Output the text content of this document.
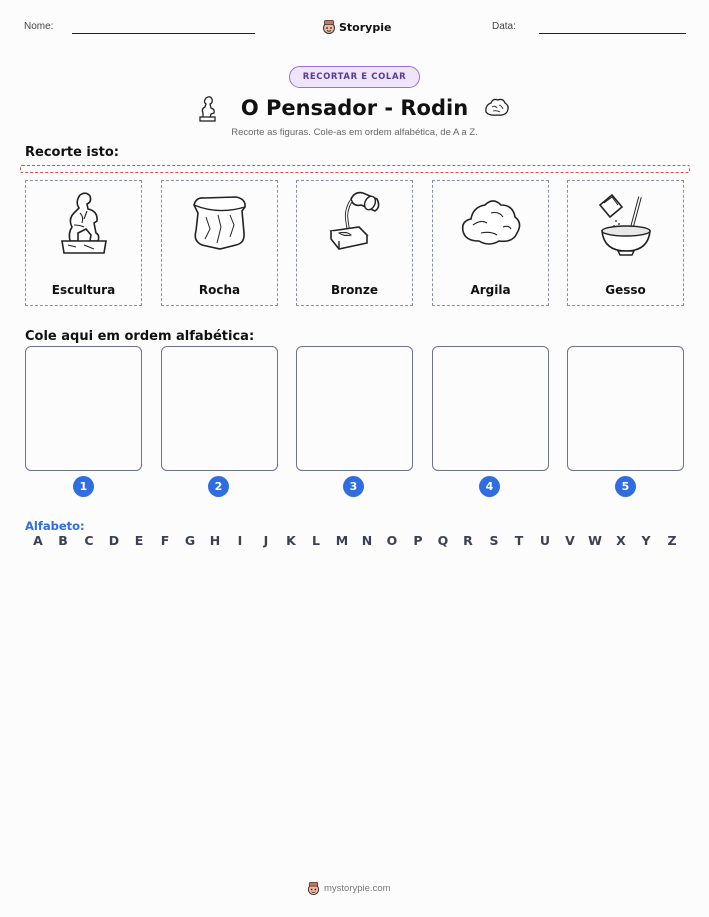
Nome:	Storypie	Data:
RECORTAR E COLAR
O Pensador - Rodin
Recorte as figuras. Cole-as em ordem alfabética, de A a Z.
Recorte isto:
Escultura	Rocha	Bronze	Argila	Gesso
Cole aqui em ordem alfabética:
1	2	3	4	5
Alfabeto:
A	B	C	D	E	F	G	H	I	J	K	L	M	N	O	P	Q	R	S	T	U	V	W	X	Y	Z
mystorypie.com
